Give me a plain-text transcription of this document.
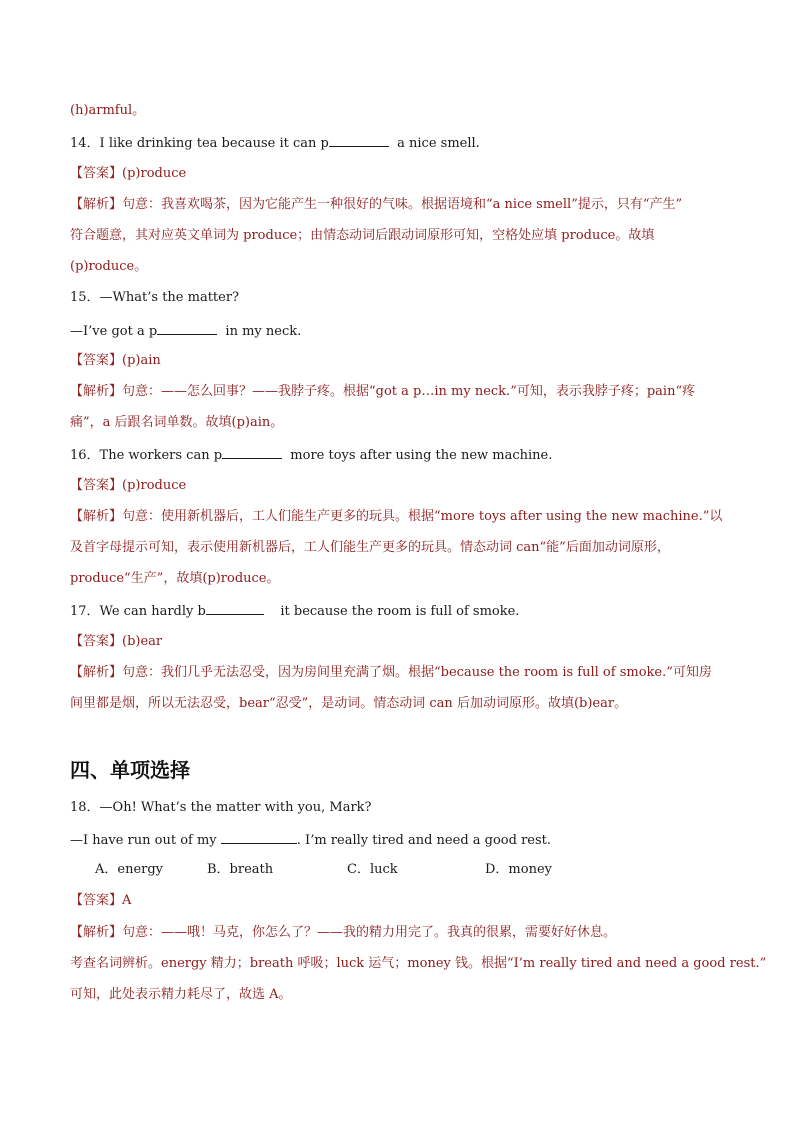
(h)armful。
14．I like drinking tea because it can p	a nice smell.
【答案】(p)roduce
【解析】句意：我喜欢喝茶，因为它能产生一种很好的气味。根据语境和“a nice smell”提示，只有“产生”
符合题意，其对应英文单词为 produce；由情态动词后跟动词原形可知，空格处应填 produce。故填
(p)roduce。
15．—What’s the matter?
—I’ve got a p	in my neck.
【答案】(p)ain
【解析】句意：——怎么回事？——我脖子疼。根据“got a p…in my neck.”可知，表示我脖子疼；pain“疼
痛”，a 后跟名词单数。故填(p)ain。
16．The workers can p	more toys after using the new machine.
【答案】(p)roduce
【解析】句意：使用新机器后，工人们能生产更多的玩具。根据“more toys after using the new machine.”以
及首字母提示可知，表示使用新机器后，工人们能生产更多的玩具。情态动词 can“能”后面加动词原形，
produce“生产”，故填(p)roduce。
17．We can hardly b	it because the room is full of smoke.
【答案】(b)ear
【解析】句意：我们几乎无法忍受，因为房间里充满了烟。根据“because the room is full of smoke.”可知房
间里都是烟，所以无法忍受，bear“忍受”，是动词。情态动词 can 后加动词原形。故填(b)ear。
四、单项选择
18．—Oh! What’s the matter with you, Mark?
—I have run out of my	. I’m really tired and need a good rest.
A．energy	B．breath	C．luck	D．money
【答案】A
【解析】句意：——哦！马克，你怎么了？——我的精力用完了。我真的很累，需要好好休息。
考查名词辨析。energy 精力；breath 呼吸；luck 运气；money 钱。根据“I’m really tired and need a good rest.”
可知，此处表示精力耗尽了，故选 A。
